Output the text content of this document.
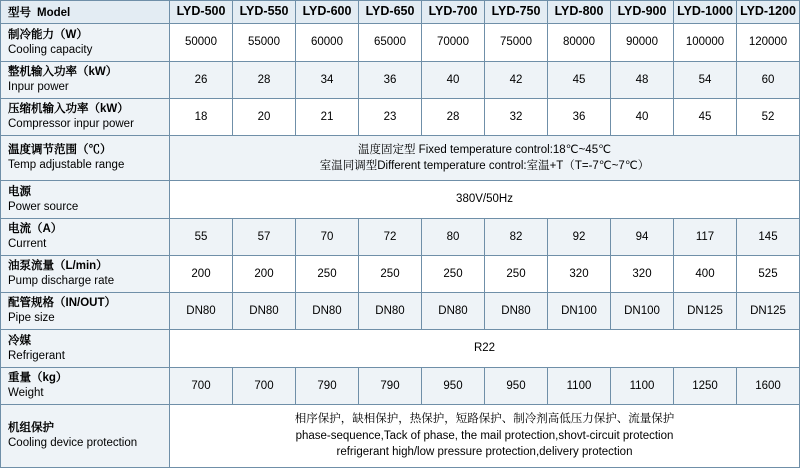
型号 Model	LYD-500	LYD-550	LYD-600	LYD-650	LYD-700	LYD-750	LYD-800	LYD-900	LYD-1000	LYD-1200

制冷能力（W）
Cooling capacity	50000	55000	60000	65000	70000	75000	80000	90000	100000	120000

整机输入功率（kW）
Inpur power	26	28	34	36	40	42	45	48	54	60

压缩机输入功率（kW）
Compressor inpur power	18	20	21	23	28	32	36	40	45	52

温度调节范围（℃）
Temp adjustable range	温度固定型 Fixed temperature control:18℃~45℃
室温同调型Different temperature control:室温+T（T=-7℃~7℃）									

电源
Power source	380V/50Hz									

电流（A）
Current	55	57	70	72	80	82	92	94	117	145

油泵流量（L/min）
Pump discharge rate	200	200	250	250	250	250	320	320	400	525

配管规格（IN/OUT）
Pipe size	DN80	DN80	DN80	DN80	DN80	DN80	DN100	DN100	DN125	DN125

冷媒
Refrigerant	R22									

重量（kg）
Weight	700	700	790	790	950	950	1100	1100	1250	1600

机组保护
Cooling device protection	相序保护，缺相保护，热保护，短路保护、制冷剂高低压力保护、流量保护
phase-sequence,Tack of phase, the mail protection,shovt-circuit protection
refrigerant high/low pressure protection,delivery protection									
